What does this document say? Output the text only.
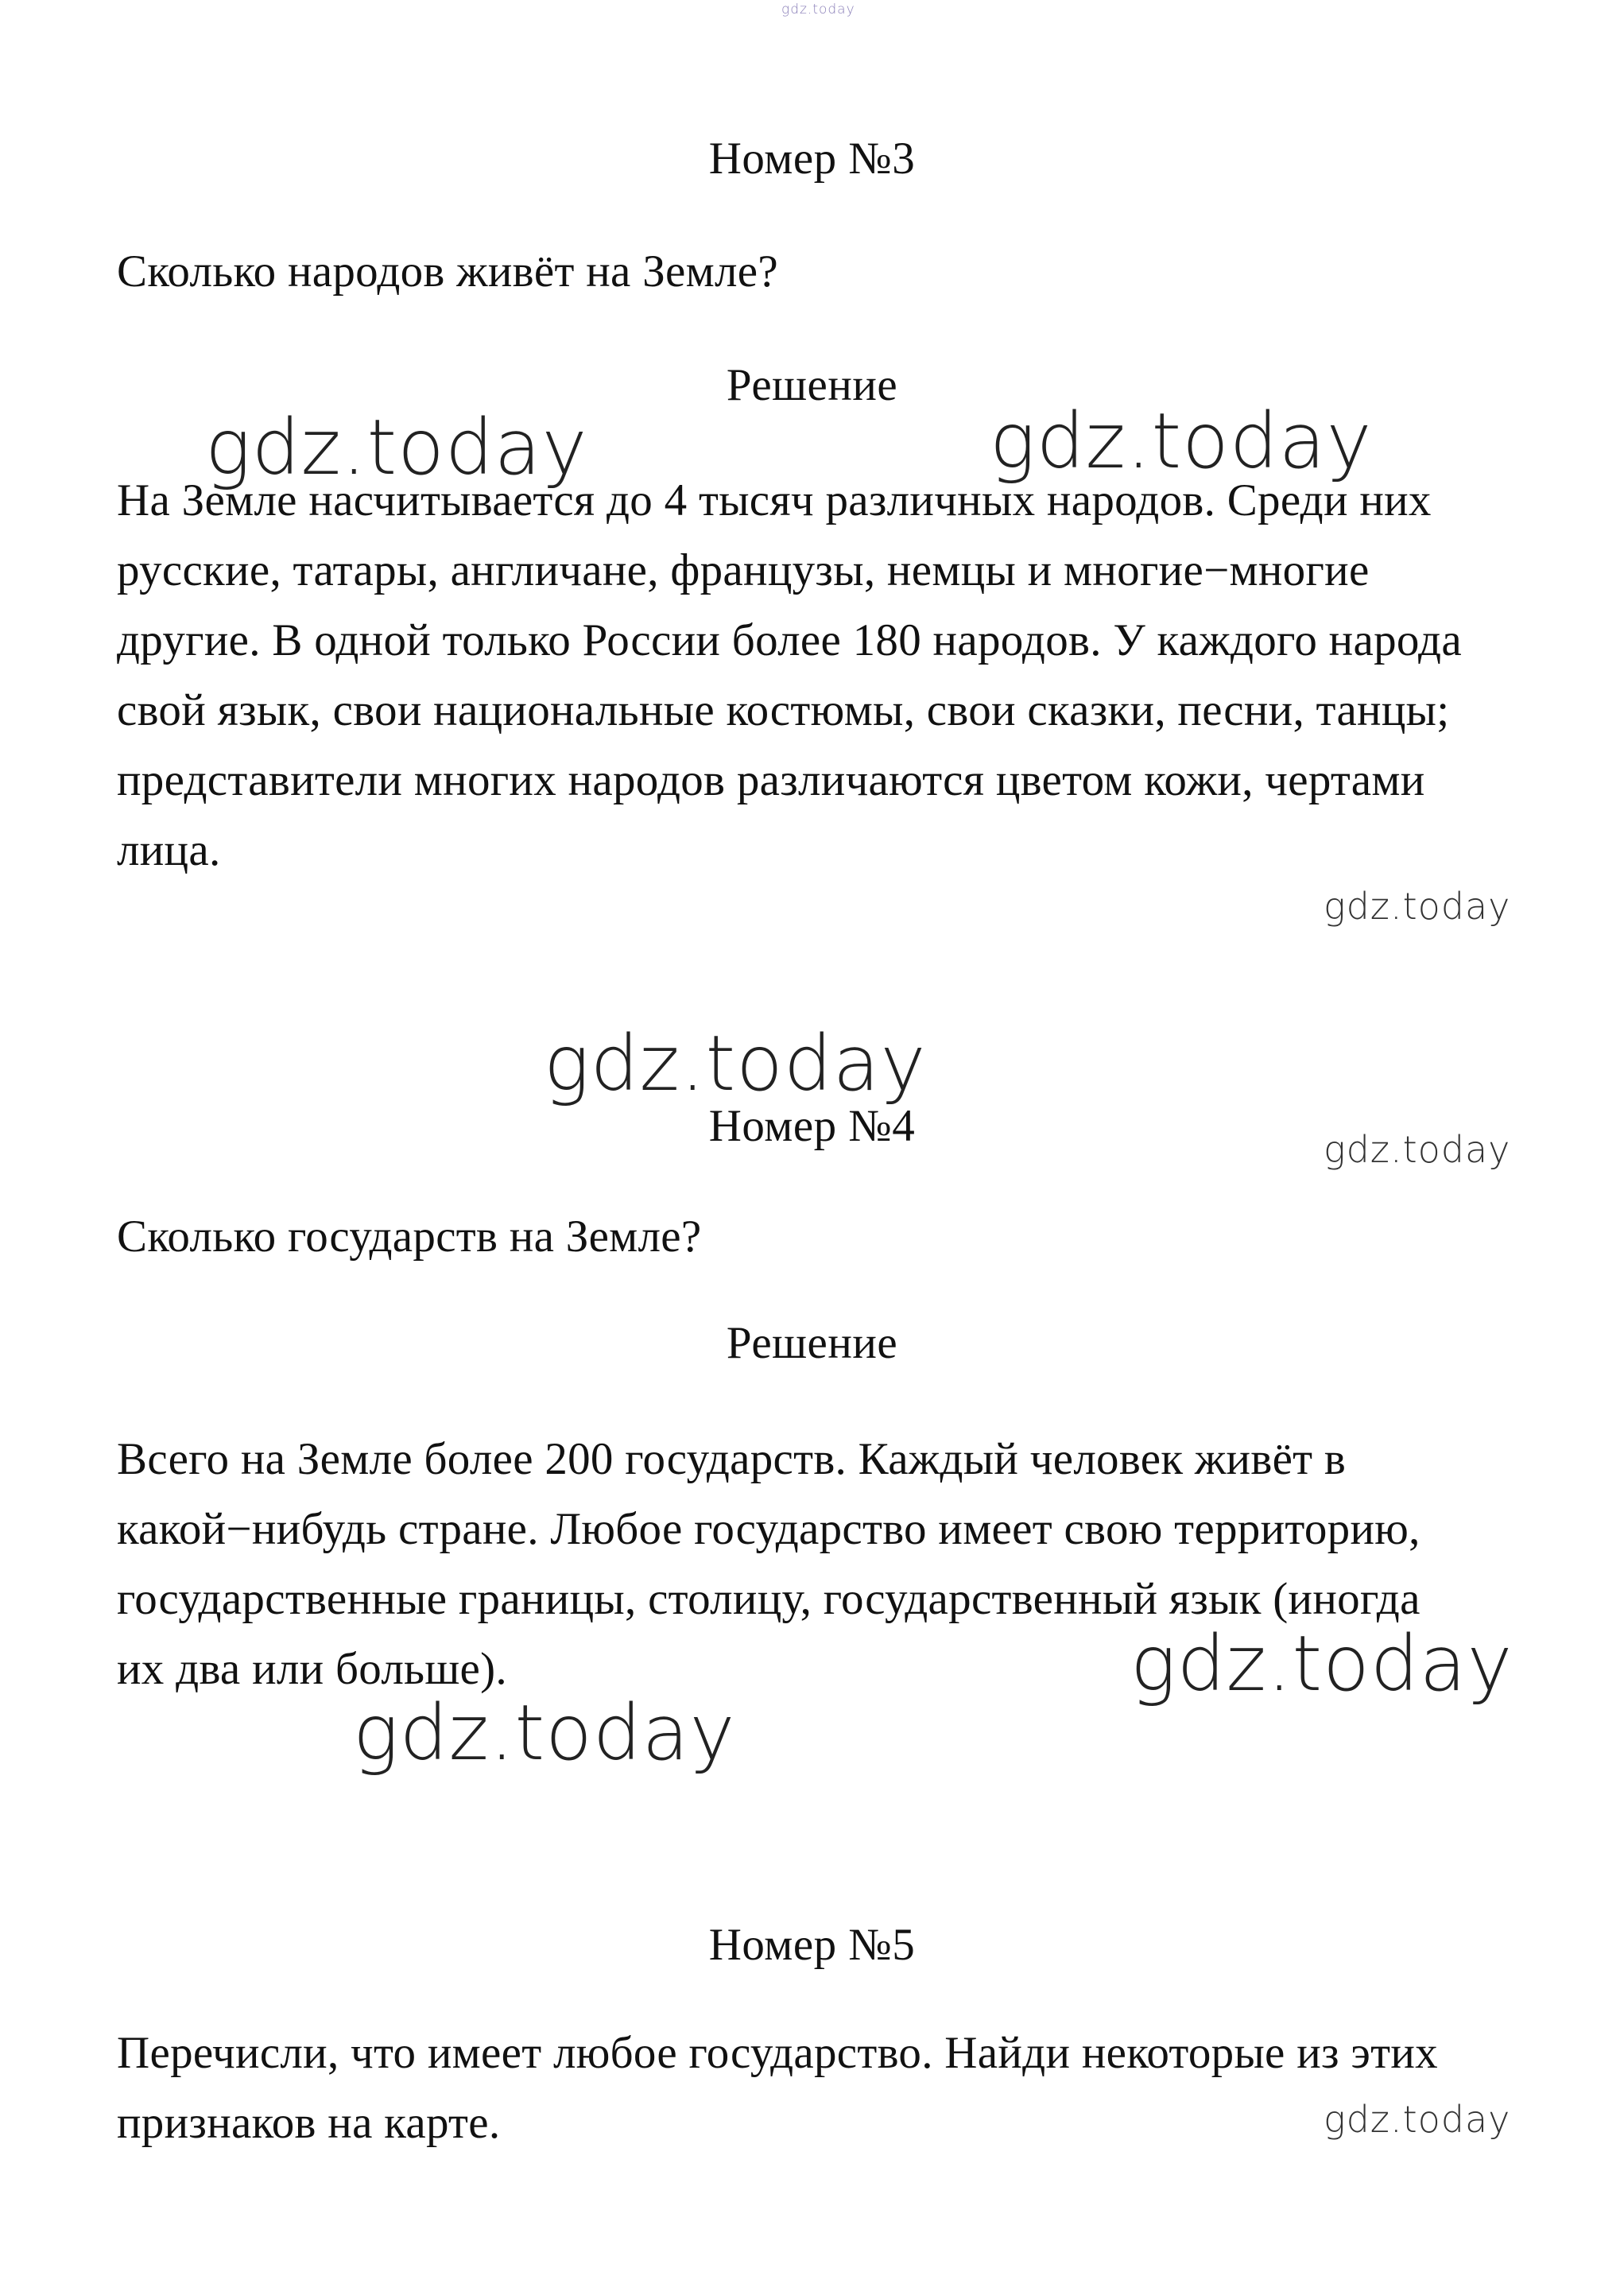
gdz.today
Номер №3
Сколько народов живёт на Земле?
Решение
gdz.today	gdz.today
На Земле насчитывается до 4 тысяч различных народов. Среди них
русские, татары, англичане, французы, немцы и многие−многие
другие. В одной только России более 180 народов. У каждого народа
свой язык, свои национальные костюмы, свои сказки, песни, танцы;
представители многих народов различаются цветом кожи, чертами
лица.
gdz.today
gdz.today
Номер №4	gdz.today
Сколько государств на Земле?
Решение
Всего на Земле более 200 государств. Каждый человек живёт в
какой−нибудь стране. Любое государство имеет свою территорию,
государственные границы, столицу, государственный язык (иногда
их два или больше).	gdz.today
gdz.today
Номер №5
Перечисли, что имеет любое государство. Найди некоторые из этих
признаков на карте.	gdz.today
